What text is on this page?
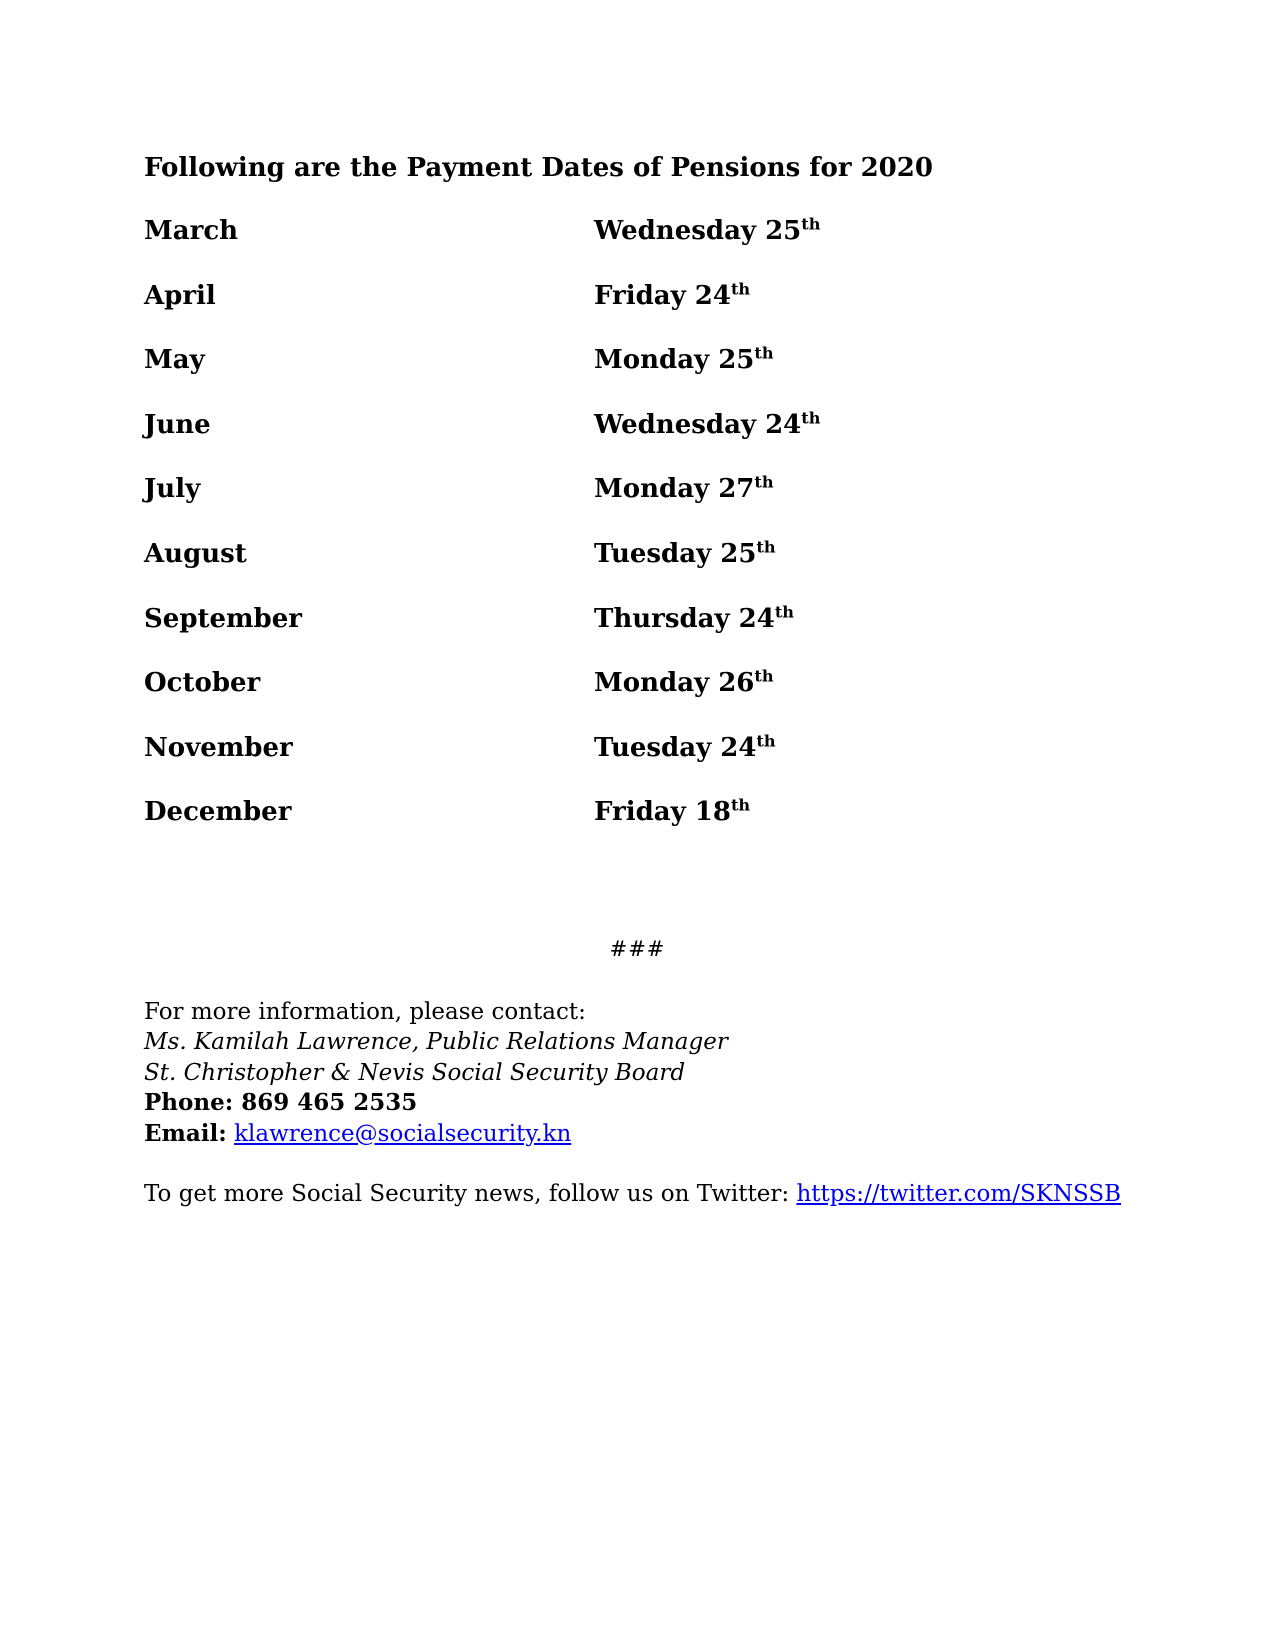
Following are the Payment Dates of Pensions for 2020
March	Wednesday 25th
April	Friday 24th
May	Monday 25th
June	Wednesday 24th
July	Monday 27th
August	Tuesday 25th
September	Thursday 24th
October	Monday 26th
November	Tuesday 24th
December	Friday 18th
###
For more information, please contact:
Ms. Kamilah Lawrence, Public Relations Manager
St. Christopher & Nevis Social Security Board
Phone: 869 465 2535
Email: klawrence@socialsecurity.kn

To get more Social Security news, follow us on Twitter: https://twitter.com/SKNSSB
